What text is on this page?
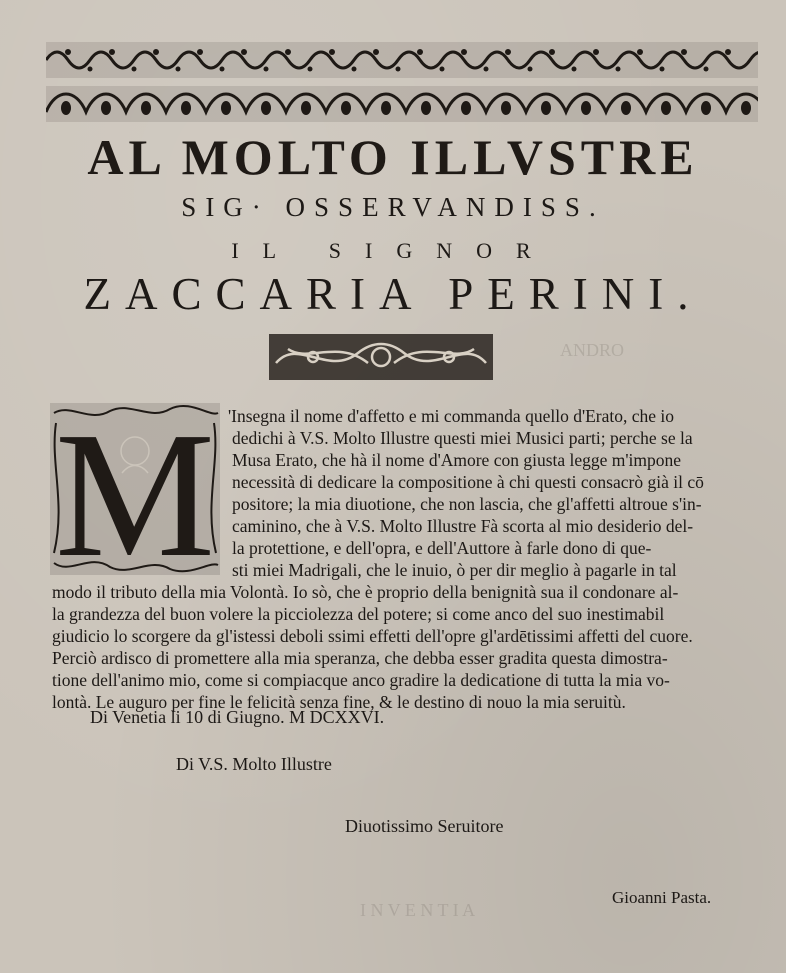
ANDRO
I N V E N T I A
AL MOLTO ILLVSTRE
SIG· OSSERVANDISS.
IL SIGNOR
ZACCARIA PERINI.
M 'Insegna il nome d'affetto e mi commanda quello d'Erato, che io
dedichi à V.S. Molto Illustre questi miei Musici parti; perche se la
Musa Erato, che hà il nome d'Amore con giusta legge m'impone
necessità di dedicare la compositione à chi questi consacrò già il cō
positore; la mia diuotione, che non lascia, che gl'affetti altroue s'in-
caminino, che à V.S. Molto Illustre Fà scorta al mio desiderio del-
la protettione, e dell'opra, e dell'Auttore à farle dono di que-
sti miei Madrigali, che le inuio, ò per dir meglio à pagarle in tal
modo il tributo della mia Volontà. Io sò, che è proprio della benignità sua il condonare al-
la grandezza del buon volere la picciolezza del potere; si come anco del suo inestimabil
giudicio lo scorgere da gl'istessi deboli ssimi effetti dell'opre gl'ardētissimi affetti del cuore.
Perciò ardisco di promettere alla mia speranza, che debba esser gradita questa dimostra-
tione dell'animo mio, come si compiacque anco gradire la dedicatione di tutta la mia vo-
lontà. Le auguro per fine le felicità senza fine, & le destino di nouo la mia seruitù.
Di Venetia li 10 di Giugno. M DCXXVI.
Di V.S. Molto Illustre
Diuotissimo Seruitore
Gioanni Pasta.
